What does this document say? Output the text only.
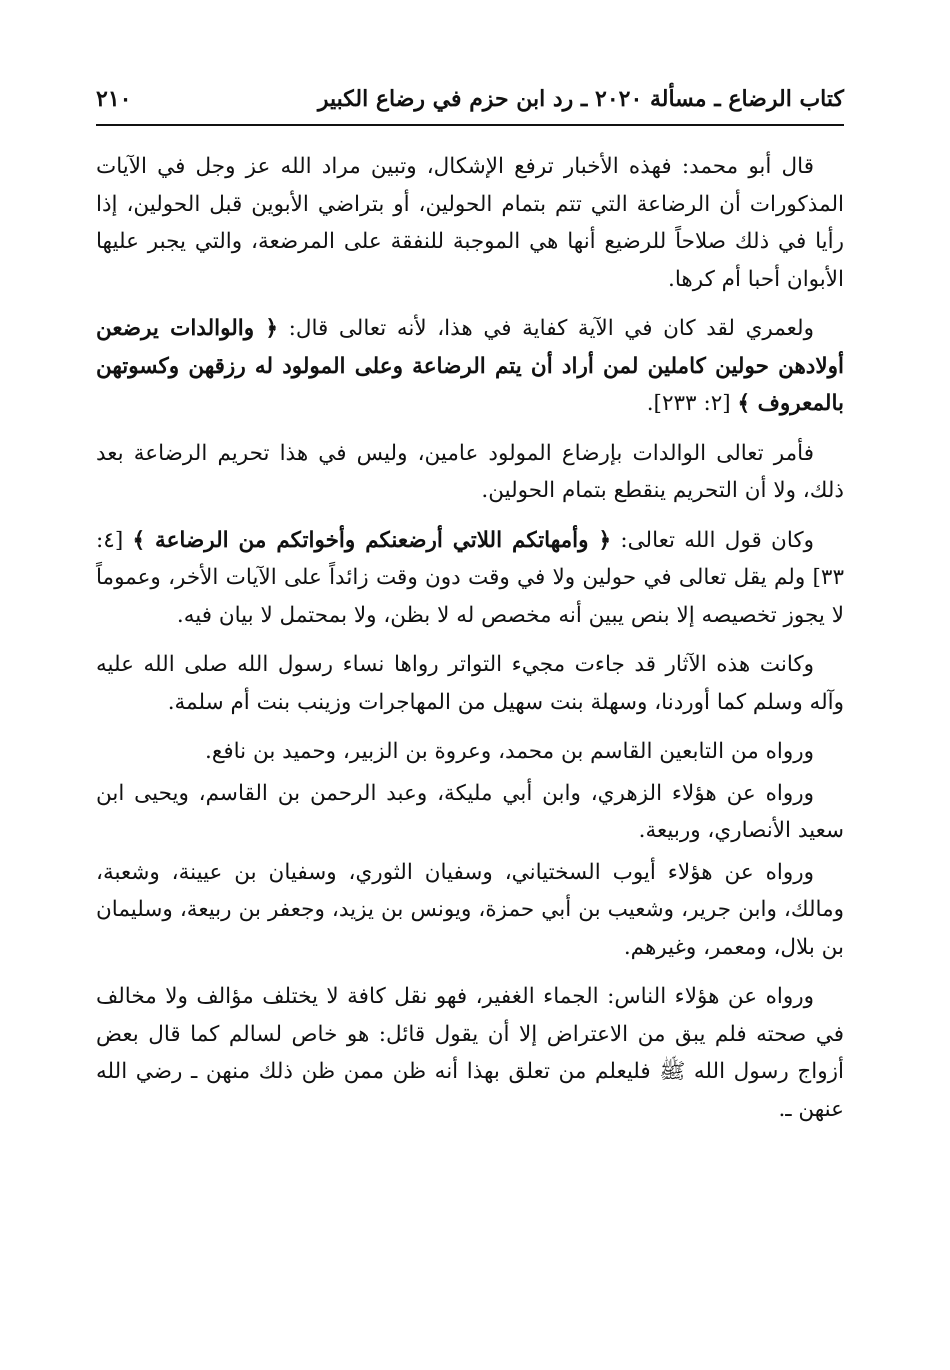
كتاب الرضاع ـ مسألة ٢٠٢٠ ـ رد ابن حزم في رضاع الكبير
٢١٠

قال أبو محمد: فهذه الأخبار ترفع الإشكال، وتبين مراد الله عز وجل في الآيات المذكورات أن الرضاعة التي تتم بتمام الحولين، أو بتراضي الأبوين قبل الحولين، إذا رأيا في ذلك صلاحاً للرضيع أنها هي الموجبة للنفقة على المرضعة، والتي يجبر عليها الأبوان أحبا أم كرها.

ولعمري لقد كان في الآية كفاية في هذا، لأنه تعالى قال: ﴿ والوالدات يرضعن أولادهن حولين كاملين لمن أراد أن يتم الرضاعة وعلى المولود له رزقهن وكسوتهن بالمعروف ﴾ [٢: ٢٣٣].

فأمر تعالى الوالدات بإرضاع المولود عامين، وليس في هذا تحريم الرضاعة بعد ذلك، ولا أن التحريم ينقطع بتمام الحولين.

وكان قول الله تعالى: ﴿ وأمهاتكم اللاتي أرضعنكم وأخواتكم من الرضاعة ﴾ [٤: ٣٣] ولم يقل تعالى في حولين ولا في وقت دون وقت زائداً على الآيات الأخر، وعموماً لا يجوز تخصيصه إلا بنص يبين أنه مخصص له لا بظن، ولا بمحتمل لا بيان فيه.

وكانت هذه الآثار قد جاءت مجيء التواتر رواها نساء رسول الله صلى الله عليه وآله وسلم كما أوردنا، وسهلة بنت سهيل من المهاجرات وزينب بنت أم سلمة.

ورواه من التابعين القاسم بن محمد، وعروة بن الزبير، وحميد بن نافع.

ورواه عن هؤلاء الزهري، وابن أبي مليكة، وعبد الرحمن بن القاسم، ويحيى ابن سعيد الأنصاري، وربيعة.

ورواه عن هؤلاء أيوب السختياني، وسفيان الثوري، وسفيان بن عيينة، وشعبة، ومالك، وابن جرير، وشعيب بن أبي حمزة، ويونس بن يزيد، وجعفر بن ربيعة، وسليمان بن بلال، ومعمر، وغيرهم.

ورواه عن هؤلاء الناس: الجماء الغفير، فهو نقل كافة لا يختلف مؤالف ولا مخالف في صحته فلم يبق من الاعتراض إلا أن يقول قائل: هو خاص لسالم كما قال بعض أزواج رسول الله ﷺ فليعلم من تعلق بهذا أنه ظن ممن ظن ذلك منهن ـ رضي الله عنهن ـ.
